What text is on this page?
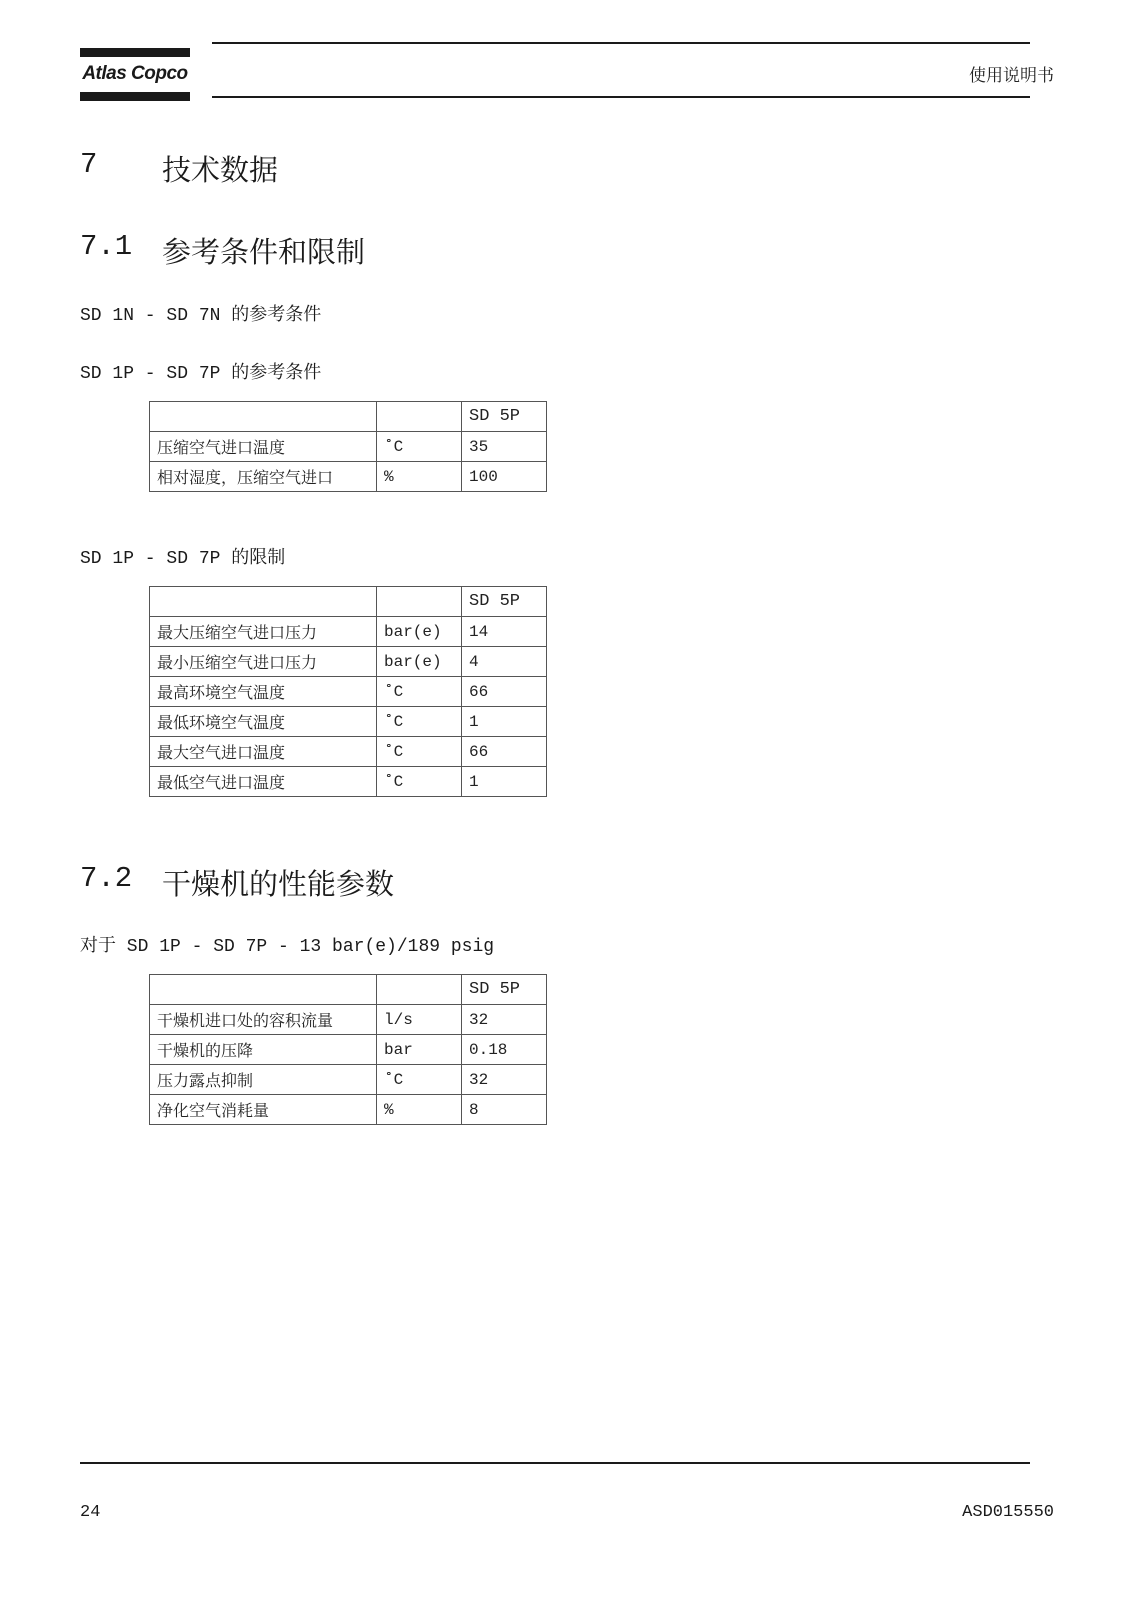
Atlas Copco	使用说明书
7 技术数据
7.1 参考条件和限制
SD 1N - SD 7N 的参考条件
SD 1P - SD 7P 的参考条件
		SD 5P
压缩空气进口温度	˚C	35
相对湿度，压缩空气进口	%	100
SD 1P - SD 7P 的限制
		SD 5P
最大压缩空气进口压力	bar(e)	14
最小压缩空气进口压力	bar(e)	4
最高环境空气温度	˚C	66
最低环境空气温度	˚C	1
最大空气进口温度	˚C	66
最低空气进口温度	˚C	1
7.2 干燥机的性能参数
对于 SD 1P - SD 7P - 13 bar(e)/189 psig
		SD 5P
干燥机进口处的容积流量	l/s	32
干燥机的压降	bar	0.18
压力露点抑制	˚C	32
净化空气消耗量	%	8
24	ASD015550
